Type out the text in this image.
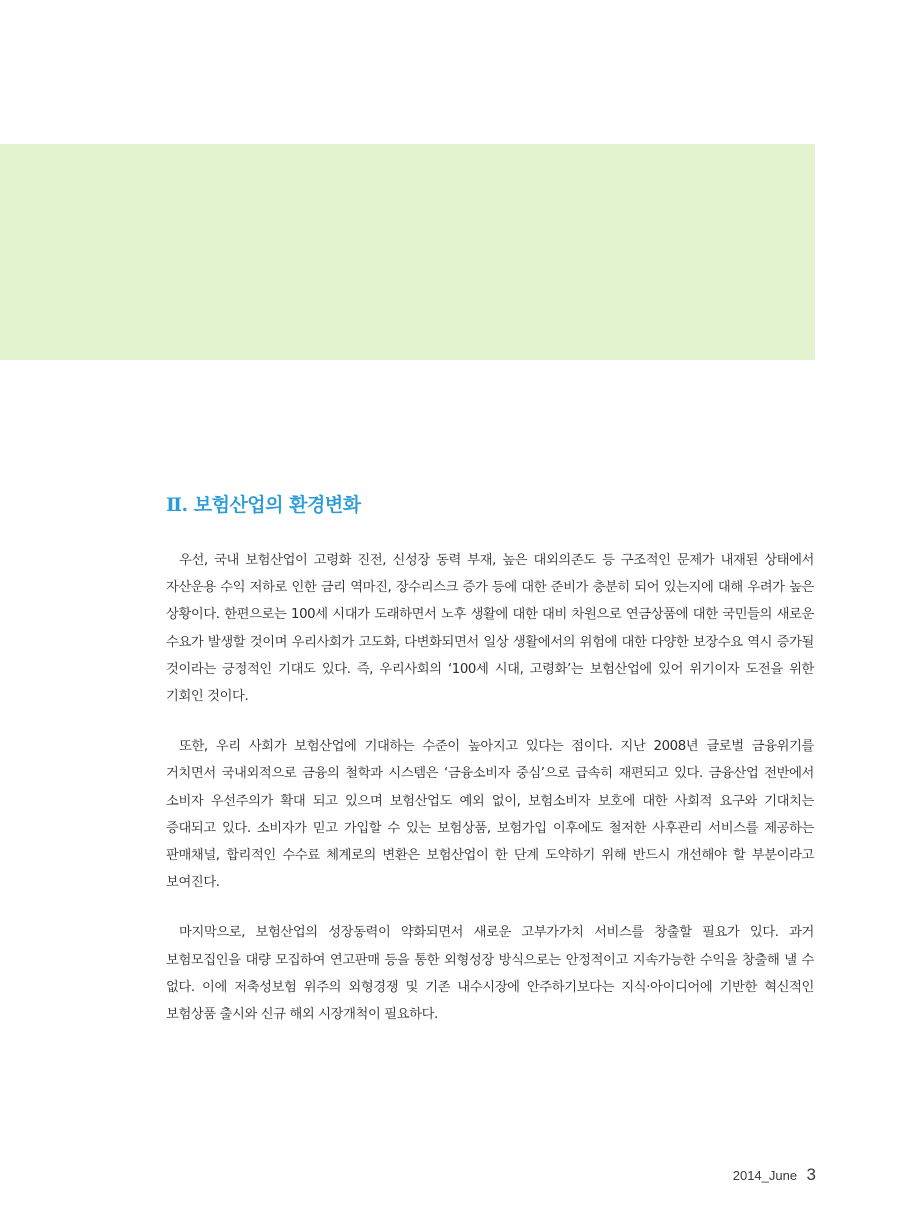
Ⅱ. 보험산업의 환경변화

우선, 국내 보험산업이 고령화 진전, 신성장 동력 부재, 높은 대외의존도 등 구조적인 문제가 내재된 상태에서 자산운용 수익 저하로 인한 금리 역마진, 장수리스크 증가 등에 대한 준비가 충분히 되어 있는지에 대해 우려가 높은 상황이다. 한편으로는 100세 시대가 도래하면서 노후 생활에 대한 대비 차원으로 연금상품에 대한 국민들의 새로운 수요가 발생할 것이며 우리사회가 고도화, 다변화되면서 일상 생활에서의 위험에 대한 다양한 보장수요 역시 증가될 것이라는 긍정적인 기대도 있다. 즉, 우리사회의 ‘100세 시대, 고령화’는 보험산업에 있어 위기이자 도전을 위한 기회인 것이다.

또한, 우리 사회가 보험산업에 기대하는 수준이 높아지고 있다는 점이다. 지난 2008년 글로벌 금융위기를 거치면서 국내외적으로 금융의 철학과 시스템은 ‘금융소비자 중심’으로 급속히 재편되고 있다. 금융산업 전반에서 소비자 우선주의가 확대 되고 있으며 보험산업도 예외 없이, 보험소비자 보호에 대한 사회적 요구와 기대치는 증대되고 있다. 소비자가 믿고 가입할 수 있는 보험상품, 보험가입 이후에도 철저한 사후관리 서비스를 제공하는 판매채널, 합리적인 수수료 체계로의 변환은 보험산업이 한 단계 도약하기 위해 반드시 개선해야 할 부분이라고 보여진다.

마지막으로, 보험산업의 성장동력이 약화되면서 새로운 고부가가치 서비스를 창출할 필요가 있다. 과거 보험모집인을 대량 모집하여 연고판매 등을 통한 외형성장 방식으로는 안정적이고 지속가능한 수익을 창출해 낼 수 없다. 이에 저축성보험 위주의 외형경쟁 및 기존 내수시장에 안주하기보다는 지식·아이디어에 기반한 혁신적인 보험상품 출시와 신규 해외 시장개척이 필요하다.

2014_June 3
